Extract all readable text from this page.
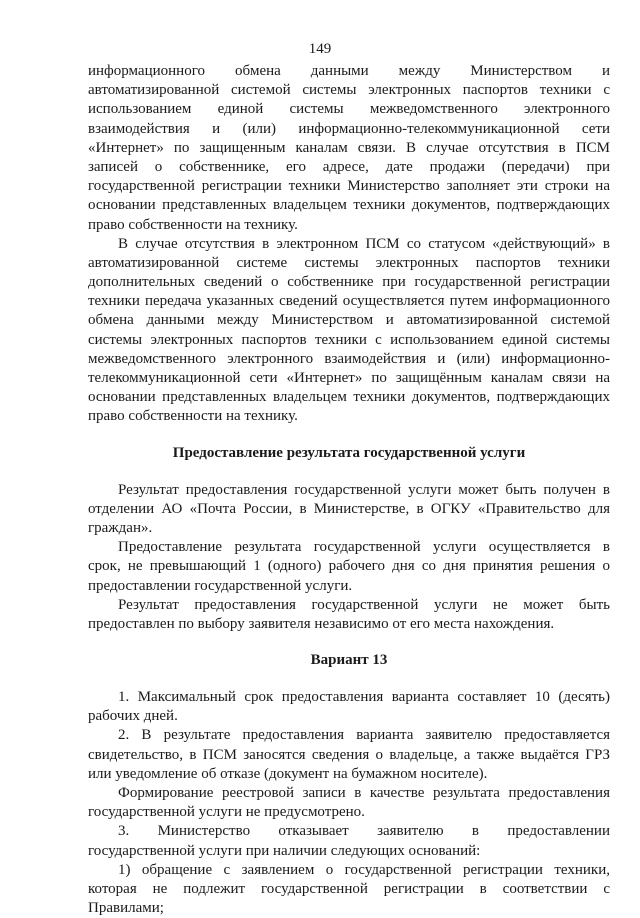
149
информационного обмена данными между Министерством и
автоматизированной системой системы электронных паспортов техники с
использованием единой системы межведомственного электронного
взаимодействия и (или) информационно-телекоммуникационной сети
«Интернет» по защищенным каналам связи. В случае отсутствия в ПСМ
записей о собственнике, его адресе, дате продажи (передачи) при
государственной регистрации техники Министерство заполняет эти строки на
основании представленных владельцем техники документов, подтверждающих
право собственности на технику.
В случае отсутствия в электронном ПСМ со статусом «действующий» в
автоматизированной системе системы электронных паспортов техники
дополнительных сведений о собственнике при государственной регистрации
техники передача указанных сведений осуществляется путем информационного
обмена данными между Министерством и автоматизированной системой
системы электронных паспортов техники с использованием единой системы
межведомственного электронного взаимодействия и (или) информационно-
телекоммуникационной сети «Интернет» по защищённым каналам связи на
основании представленных владельцем техники документов, подтверждающих
право собственности на технику.
Предоставление результата государственной услуги
Результат предоставления государственной услуги может быть получен в
отделении АО «Почта России, в Министерстве, в ОГКУ «Правительство для
граждан».
Предоставление результата государственной услуги осуществляется в
срок, не превышающий 1 (одного) рабочего дня со дня принятия решения о
предоставлении государственной услуги.
Результат предоставления государственной услуги не может быть
предоставлен по выбору заявителя независимо от его места нахождения.
Вариант 13
1. Максимальный срок предоставления варианта составляет 10 (десять)
рабочих дней.
2. В результате предоставления варианта заявителю предоставляется
свидетельство, в ПСМ заносятся сведения о владельце, а также выдаётся ГРЗ
или уведомление об отказе (документ на бумажном носителе).
Формирование реестровой записи в качестве результата предоставления
государственной услуги не предусмотрено.
3. Министерство отказывает заявителю в предоставлении
государственной услуги при наличии следующих оснований:
1) обращение с заявлением о государственной регистрации техники,
которая не подлежит государственной регистрации в соответствии с
Правилами;
